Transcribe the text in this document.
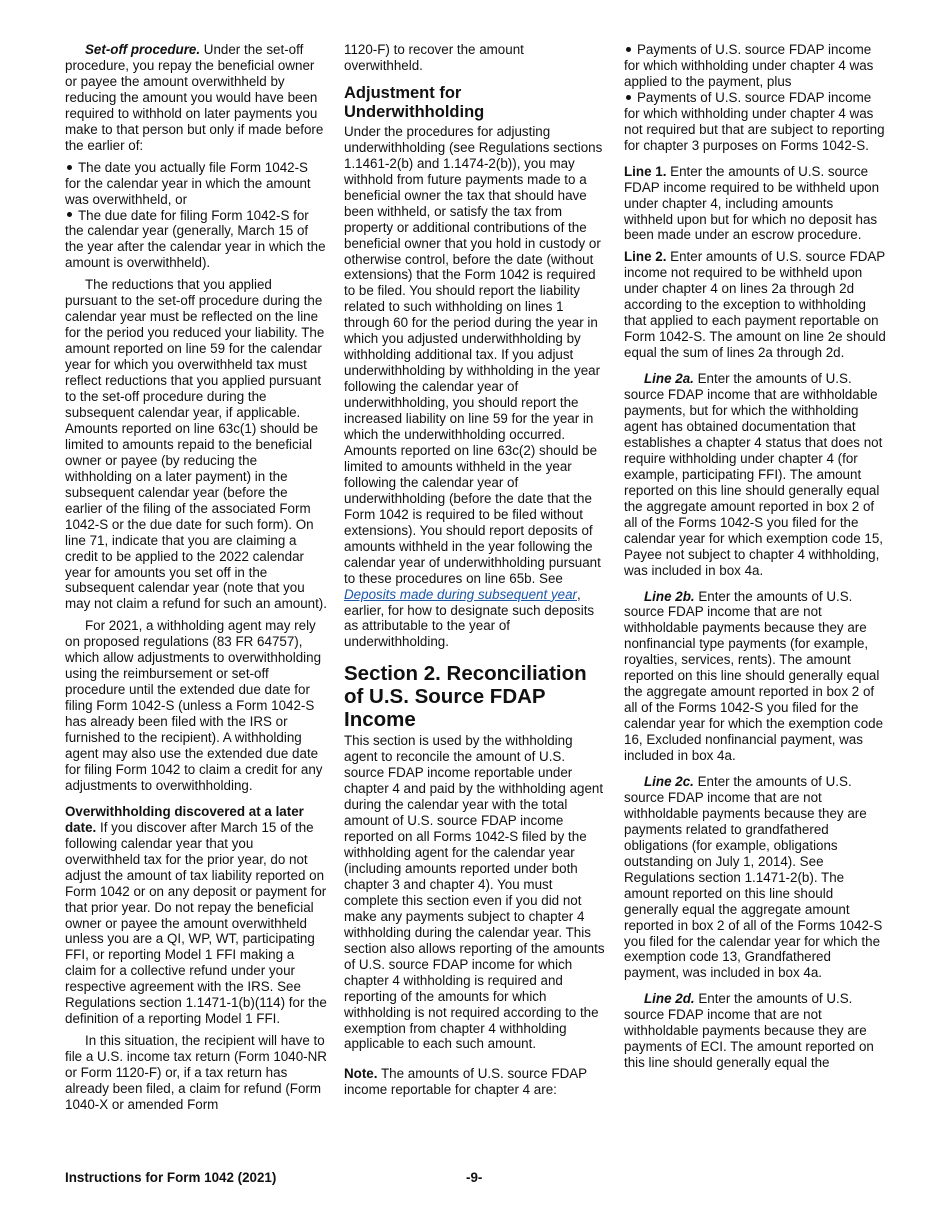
Set-off procedure. Under the set-off procedure, you repay the beneficial owner or payee the amount overwithheld by reducing the amount you would have been required to withhold on later payments you make to that person but only if made before the earlier of:

The date you actually file Form 1042-S for the calendar year in which the amount was overwithheld, or

The due date for filing Form 1042-S for the calendar year (generally, March 15 of the year after the calendar year in which the amount is overwithheld).

The reductions that you applied pursuant to the set-off procedure during the calendar year must be reflected on the line for the period you reduced your liability. The amount reported on line 59 for the calendar year for which you overwithheld tax must reflect reductions that you applied pursuant to the set-off procedure during the subsequent calendar year, if applicable. Amounts reported on line 63c(1) should be limited to amounts repaid to the beneficial owner or payee (by reducing the withholding on a later payment) in the subsequent calendar year (before the earlier of the filing of the associated Form 1042-S or the due date for such form). On line 71, indicate that you are claiming a credit to be applied to the 2022 calendar year for amounts you set off in the subsequent calendar year (note that you may not claim a refund for such an amount).

For 2021, a withholding agent may rely on proposed regulations (83 FR 64757), which allow adjustments to overwithholding using the reimbursement or set-off procedure until the extended due date for filing Form 1042-S (unless a Form 1042-S has already been filed with the IRS or furnished to the recipient). A withholding agent may also use the extended due date for filing Form 1042 to claim a credit for any adjustments to overwithholding.

Overwithholding discovered at a later date. If you discover after March 15 of the following calendar year that you overwithheld tax for the prior year, do not adjust the amount of tax liability reported on Form 1042 or on any deposit or payment for that prior year. Do not repay the beneficial owner or payee the amount overwithheld unless you are a QI, WP, WT, participating FFI, or reporting Model 1 FFI making a claim for a collective refund under your respective agreement with the IRS. See Regulations section 1.1471-1(b)(114) for the definition of a reporting Model 1 FFI.

In this situation, the recipient will have to file a U.S. income tax return (Form 1040-NR or Form 1120-F) or, if a tax return has already been filed, a claim for refund (Form 1040-X or amended Form

1120-F) to recover the amount overwithheld.

Adjustment for Underwithholding

Under the procedures for adjusting underwithholding (see Regulations sections 1.1461-2(b) and 1.1474-2(b)), you may withhold from future payments made to a beneficial owner the tax that should have been withheld, or satisfy the tax from property or additional contributions of the beneficial owner that you hold in custody or otherwise control, before the date (without extensions) that the Form 1042 is required to be filed. You should report the liability related to such withholding on lines 1 through 60 for the period during the year in which you adjusted underwithholding by withholding additional tax. If you adjust underwithholding by withholding in the year following the calendar year of underwithholding, you should report the increased liability on line 59 for the year in which the underwithholding occurred. Amounts reported on line 63c(2) should be limited to amounts withheld in the year following the calendar year of underwithholding (before the date that the Form 1042 is required to be filed without extensions). You should report deposits of amounts withheld in the year following the calendar year of underwithholding pursuant to these procedures on line 65b. See Deposits made during subsequent year, earlier, for how to designate such deposits as attributable to the year of underwithholding.

Section 2. Reconciliation of U.S. Source FDAP Income

This section is used by the withholding agent to reconcile the amount of U.S. source FDAP income reportable under chapter 4 and paid by the withholding agent during the calendar year with the total amount of U.S. source FDAP income reported on all Forms 1042-S filed by the withholding agent for the calendar year (including amounts reported under both chapter 3 and chapter 4). You must complete this section even if you did not make any payments subject to chapter 4 withholding during the calendar year. This section also allows reporting of the amounts of U.S. source FDAP income for which chapter 4 withholding is required and reporting of the amounts for which withholding is not required according to the exemption from chapter 4 withholding applicable to each such amount.

Note. The amounts of U.S. source FDAP income reportable for chapter 4 are:

Payments of U.S. source FDAP income for which withholding under chapter 4 was applied to the payment, plus

Payments of U.S. source FDAP income for which withholding under chapter 4 was not required but that are subject to reporting for chapter 3 purposes on Forms 1042-S.

Line 1. Enter the amounts of U.S. source FDAP income required to be withheld upon under chapter 4, including amounts withheld upon but for which no deposit has been made under an escrow procedure.

Line 2. Enter amounts of U.S. source FDAP income not required to be withheld upon under chapter 4 on lines 2a through 2d according to the exception to withholding that applied to each payment reportable on Form 1042-S. The amount on line 2e should equal the sum of lines 2a through 2d.

Line 2a. Enter the amounts of U.S. source FDAP income that are withholdable payments, but for which the withholding agent has obtained documentation that establishes a chapter 4 status that does not require withholding under chapter 4 (for example, participating FFI). The amount reported on this line should generally equal the aggregate amount reported in box 2 of all of the Forms 1042-S you filed for the calendar year for which exemption code 15, Payee not subject to chapter 4 withholding, was included in box 4a.

Line 2b. Enter the amounts of U.S. source FDAP income that are not withholdable payments because they are nonfinancial type payments (for example, royalties, services, rents). The amount reported on this line should generally equal the aggregate amount reported in box 2 of all of the Forms 1042-S you filed for the calendar year for which the exemption code 16, Excluded nonfinancial payment, was included in box 4a.

Line 2c. Enter the amounts of U.S. source FDAP income that are not withholdable payments because they are payments related to grandfathered obligations (for example, obligations outstanding on July 1, 2014). See Regulations section 1.1471-2(b). The amount reported on this line should generally equal the aggregate amount reported in box 2 of all of the Forms 1042-S you filed for the calendar year for which the exemption code 13, Grandfathered payment, was included in box 4a.

Line 2d. Enter the amounts of U.S. source FDAP income that are not withholdable payments because they are payments of ECI. The amount reported on this line should generally equal the

Instructions for Form 1042 (2021)	-9-
